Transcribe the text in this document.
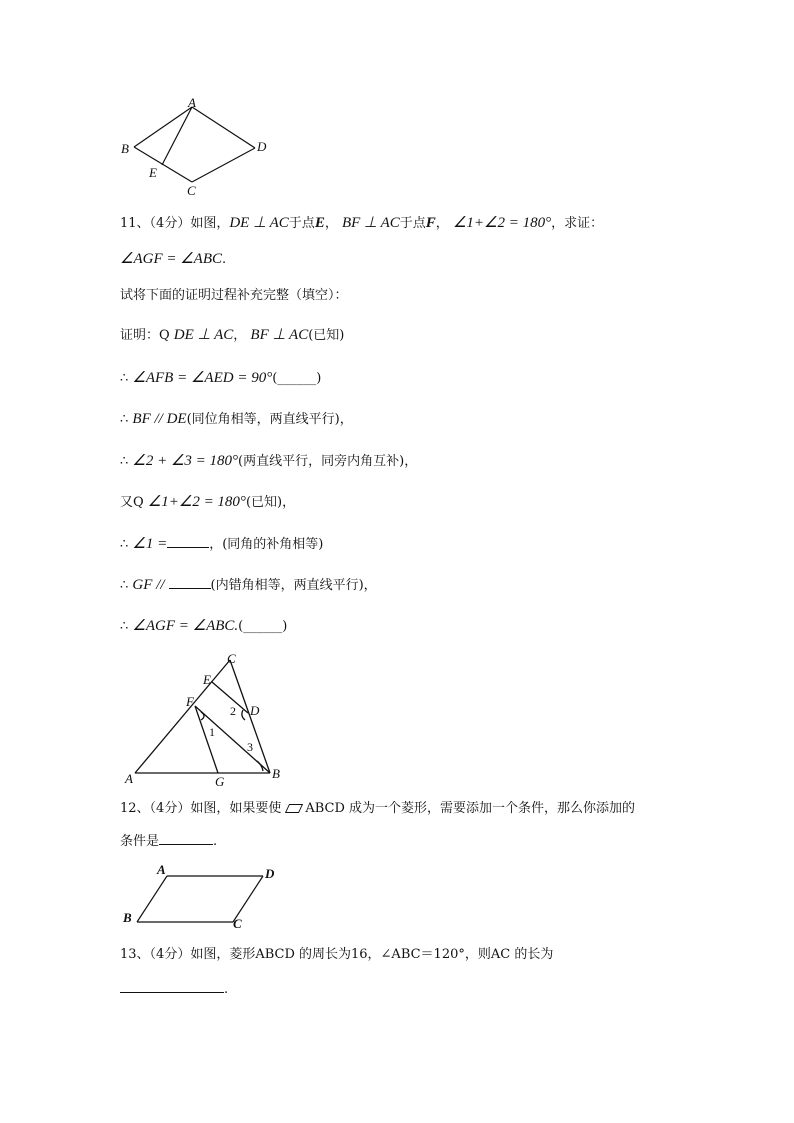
A
B
C
D
E
11、（4分）如图，DE ⊥ AC于点E， BF ⊥ AC于点F， ∠1+∠2 = 180°，求证：
∠AGF = ∠ABC.
试将下面的证明过程补充完整（填空）：
证明：Q DE ⊥ AC， BF ⊥ AC(已知)
∴ ∠AFB = ∠AED = 90°(______)
∴ BF // DE(同位角相等，两直线平行)，
∴ ∠2 + ∠3 = 180°(两直线平行，同旁内角互补)，
又Q ∠1+∠2 = 180°(已知)，
∴ ∠1 =	，(同角的补角相等)
∴ GF //	(内错角相等，两直线平行)，
∴ ∠AGF = ∠ABC.(______)
A	B
C
D
E
F
G
1
2
3
12、（4分）如图，如果要使 ABCD 成为一个菱形，需要添加一个条件，那么你添加的
条件是	.
A
B	C
D
13、（4分）如图，菱形ABCD 的周长为16，∠ABC＝120°，则AC 的长为
.
